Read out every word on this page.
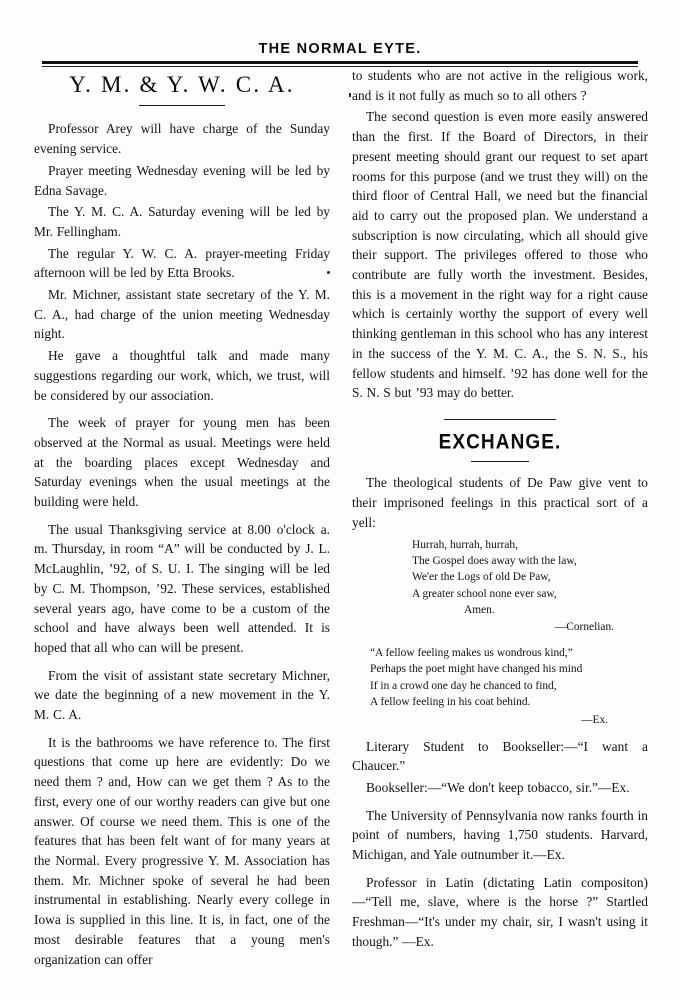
THE NORMAL EYTE.
Y. M. & Y. W. C. A.

Professor Arey will have charge of the Sunday evening service.

Prayer meeting Wednesday evening will be led by Edna Savage.

The Y. M. C. A. Saturday evening will be led by Mr. Fellingham.

The regular Y. W. C. A. prayer-meeting Friday afternoon will be led by Etta Brooks.

Mr. Michner, assistant state secretary of the Y. M. C. A., had charge of the union meeting Wednesday night.

He gave a thoughtful talk and made many suggestions regarding our work, which, we trust, will be considered by our association.

The week of prayer for young men has been observed at the Normal as usual. Meetings were held at the boarding places except Wednesday and Saturday evenings when the usual meetings at the building were held.

The usual Thanksgiving service at 8.00 o'clock a. m. Thursday, in room “A” will be conducted by J. L. McLaughlin, ’92, of S. U. I. The singing will be led by C. M. Thompson, ’92. These services, established several years ago, have come to be a custom of the school and have always been well attended. It is hoped that all who can will be present.

From the visit of assistant state secretary Michner, we date the beginning of a new movement in the Y. M. C. A.

It is the bathrooms we have reference to. The first questions that come up here are evidently: Do we need them ? and, How can we get them ? As to the first, every one of our worthy readers can give but one answer. Of course we need them. This is one of the features that has been felt want of for many years at the Normal. Every progressive Y. M. Association has them. Mr. Michner spoke of several he had been instrumental in establishing. Nearly every college in Iowa is supplied in this line. It is, in fact, one of the most desirable features that a young men's organization can offer

to students who are not active in the religious work, and is it not fully as much so to all others ?

The second question is even more easily answered than the first. If the Board of Directors, in their present meeting should grant our request to set apart rooms for this purpose (and we trust they will) on the third floor of Central Hall, we need but the financial aid to carry out the proposed plan. We understand a subscription is now circulating, which all should give their support. The privileges offered to those who contribute are fully worth the investment. Besides, this is a movement in the right way for a right cause which is certainly worthy the support of every well thinking gentleman in this school who has any interest in the success of the Y. M. C. A., the S. N. S., his fellow students and himself. ’92 has done well for the S. N. S but ’93 may do better.

EXCHANGE.

The theological students of De Paw give vent to their imprisoned feelings in this practical sort of a yell:

Hurrah, hurrah, hurrah,
The Gospel does away with the law,
We'er the Logs of old De Paw,
A greater school none ever saw,
Amen.
—Cornelian.
“A fellow feeling makes us wondrous kind,”
Perhaps the poet might have changed his mind
If in a crowd one day he chanced to find,
A fellow feeling in his coat behind.
—Ex.

Literary Student to Bookseller:—“I want a Chaucer.”

Bookseller:—“We don't keep tobacco, sir.”—Ex.

The University of Pennsylvania now ranks fourth in point of numbers, having 1,750 students. Harvard, Michigan, and Yale outnumber it.—Ex.

Professor in Latin (dictating Latin compositon)—“Tell me, slave, where is the horse ?” Startled Freshman—“It's under my chair, sir, I wasn't using it though.” —Ex.
